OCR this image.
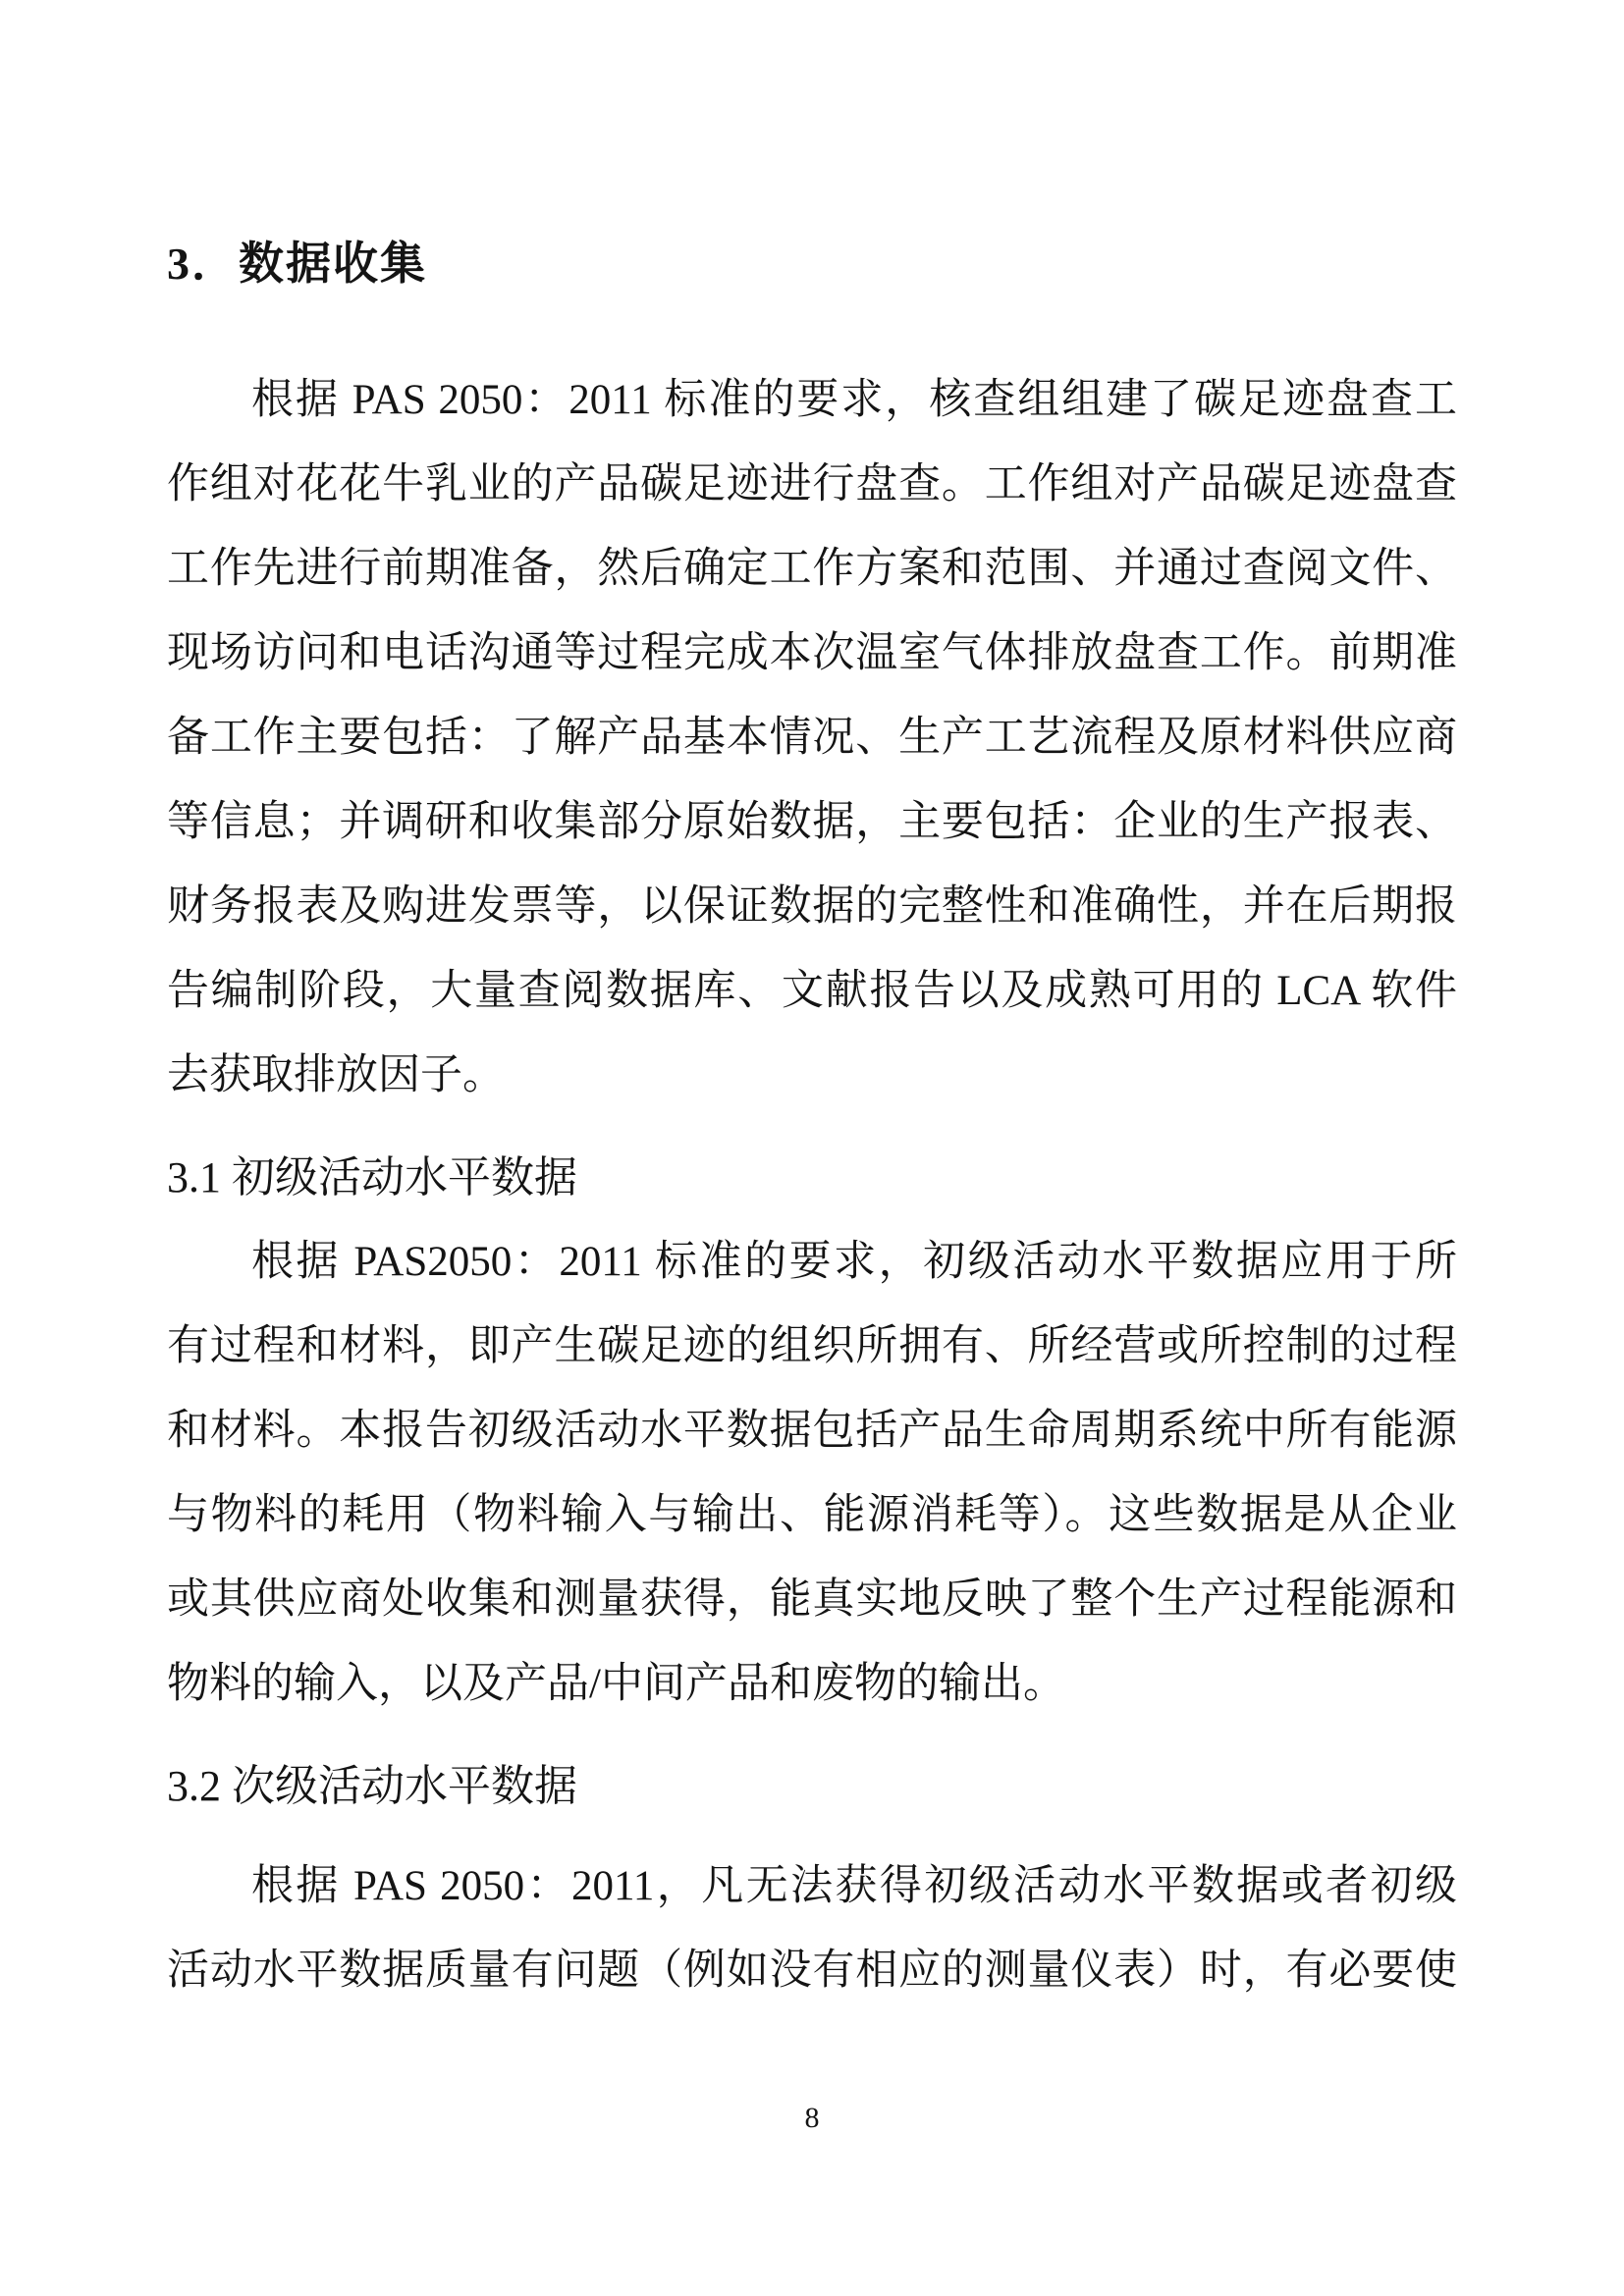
3．数据收集
根据 PAS 2050：2011 标准的要求，核查组组建了碳足迹盘查工
作组对花花牛乳业的产品碳足迹进行盘查。工作组对产品碳足迹盘查
工作先进行前期准备，然后确定工作方案和范围、并通过查阅文件、
现场访问和电话沟通等过程完成本次温室气体排放盘查工作。前期准
备工作主要包括：了解产品基本情况、生产工艺流程及原材料供应商
等信息；并调研和收集部分原始数据，主要包括：企业的生产报表、
财务报表及购进发票等，以保证数据的完整性和准确性，并在后期报
告编制阶段，大量查阅数据库、文献报告以及成熟可用的 LCA 软件
去获取排放因子。
3.1 初级活动水平数据
根据 PAS2050：2011 标准的要求，初级活动水平数据应用于所
有过程和材料，即产生碳足迹的组织所拥有、所经营或所控制的过程
和材料。本报告初级活动水平数据包括产品生命周期系统中所有能源
与物料的耗用（物料输入与输出、能源消耗等）。这些数据是从企业
或其供应商处收集和测量获得，能真实地反映了整个生产过程能源和
物料的输入，以及产品/中间产品和废物的输出。
3.2 次级活动水平数据
根据 PAS 2050：2011，凡无法获得初级活动水平数据或者初级
活动水平数据质量有问题（例如没有相应的测量仪表）时，有必要使
8
